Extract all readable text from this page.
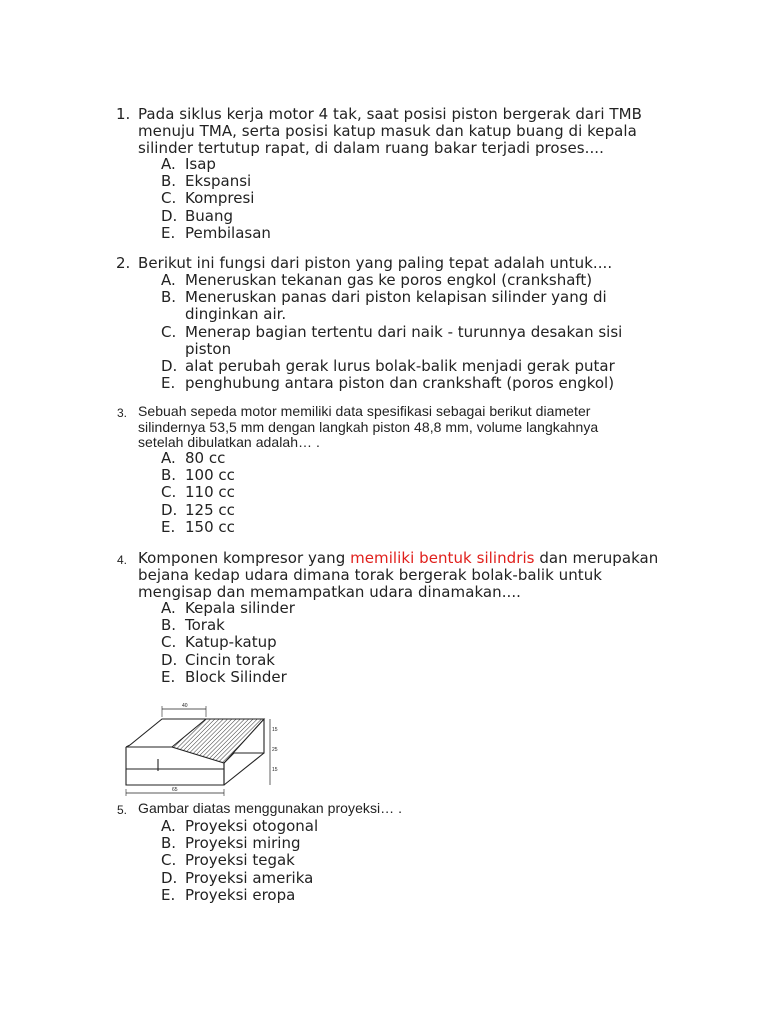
1. Pada siklus kerja motor 4 tak, saat posisi piston bergerak dari TMB
menuju TMA, serta posisi katup masuk dan katup buang di kepala
silinder tertutup rapat, di dalam ruang bakar terjadi proses....
A. Isap
B. Ekspansi
C. Kompresi
D. Buang
E. Pembilasan
2. Berikut ini fungsi dari piston yang paling tepat adalah untuk....
A. Meneruskan tekanan gas ke poros engkol (crankshaft)
B. Meneruskan panas dari piston kelapisan silinder yang di
dinginkan air.
C. Menerap bagian tertentu dari naik - turunnya desakan sisi
piston
D. alat perubah gerak lurus bolak-balik menjadi gerak putar
E. penghubung antara piston dan crankshaft (poros engkol)
3. Sebuah sepeda motor memiliki data spesifikasi sebagai berikut diameter
silindernya 53,5 mm dengan langkah piston 48,8 mm, volume langkahnya
setelah dibulatkan adalah… .
A. 80 cc
B. 100 cc
C. 110 cc
D. 125 cc
E. 150 cc
4. Komponen kompresor yang memiliki bentuk silindris dan merupakan
bejana kedap udara dimana torak bergerak bolak-balik untuk
mengisap dan memampatkan udara dinamakan....
A. Kepala silinder
B. Torak
C. Katup-katup
D. Cincin torak
E. Block Silinder
40
15
25
15
65
5. Gambar diatas menggunakan proyeksi… .
A. Proyeksi otogonal
B. Proyeksi miring
C. Proyeksi tegak
D. Proyeksi amerika
E. Proyeksi eropa
